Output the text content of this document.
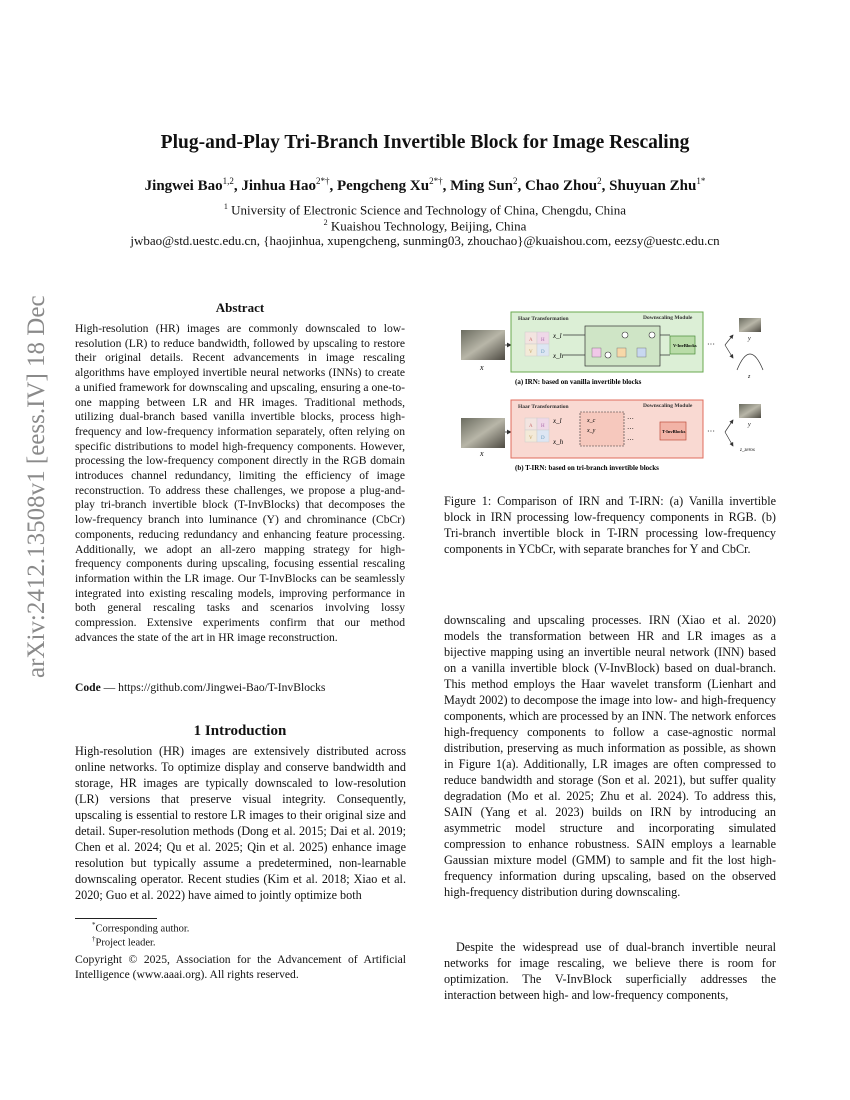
arXiv:2412.13508v1 [eess.IV] 18 Dec 2024
Plug-and-Play Tri-Branch Invertible Block for Image Rescaling
Jingwei Bao$^{1,2}$, Jinhua Hao$^{2*\dagger}$, Pengcheng $Xu^{2*\dagger}$, Ming Sun$^2$, Chao Zhou$^2$, Shuyuan Zhu$^{1*}$
$^1$ University of Electronic Science and Technology of China, Chengdu, China
$^2$ Kuaishou Technology, Beijing, China
jwbao@std.uestc.edu.cn, {haojinhua, xupengcheng, sunming03, zhouchao}@kuaishou.com, eezsy@uestc.edu.cn
Abstract
High-resolution (HR) images are commonly downscaled to low-resolution (LR) to reduce bandwidth, followed by upscaling to restore their original details. Recent advancements in image rescaling algorithms have employed invertible neural networks (INNs) to create a unified framework for downscaling and upscaling, ensuring a one-to-one mapping between LR and HR images. Traditional methods, utilizing dual-branch based vanilla invertible blocks, process high-frequency and low-frequency information separately, often relying on specific distributions to model high-frequency components. However, processing the low-frequency component directly in the RGB domain introduces channel redundancy, limiting the efficiency of image reconstruction. To address these challenges, we propose a plug-and-play tri-branch invertible block (T-InvBlocks) that decomposes the low-frequency branch into luminance (Y) and chrominance (CbCr) components, reducing redundancy and enhancing feature processing. Additionally, we adopt an all-zero mapping strategy for high-frequency components during upscaling, focusing essential rescaling information within the LR image. Our T-InvBlocks can be seamlessly integrated into existing rescaling models, improving performance in both general rescaling tasks and scenarios involving lossy compression. Extensive experiments confirm that our method advances the state of the art in HR image reconstruction.
Code — https://github.com/Jingwei-Bao/T-InvBlocks
1 Introduction
High-resolution (HR) images are extensively distributed across online networks. To optimize display and conserve bandwidth and storage, HR images are typically downscaled to low-resolution (LR) versions that preserve visual integrity. Consequently, upscaling is essential to restore LR images to their original size and detail. Super-resolution methods (Dong et al. 2015; Dai et al. 2019; Chen et al. 2024; Qu et al. 2025; Qin et al. 2025) enhance image resolution but typically assume a predetermined, non-learnable downscaling operator. Recent studies (Kim et al. 2018; Xiao et al. 2020; Guo et al. 2022) have aimed to jointly optimize both
*Corresponding author.
†Project leader.
Copyright © 2025, Association for the Advancement of Artificial Intelligence (www.aaai.org). All rights reserved.
x
Haar Transformation	Downscaling Module
A H
V D
x_l
x_h
V-InvBlocks ···
y
z
(a) IRN: based on vanilla invertible blocks
x
Haar Transformation	Downscaling Module
A H
V D
x_l
x_h
x_c
x_y
···
···
···
T-InvBlocks	···
y
z_zeros
(b) T-IRN: based on tri-branch invertible blocks
Figure 1: Comparison of IRN and T-IRN: (a) Vanilla invertible block in IRN processing low-frequency components in RGB. (b) Tri-branch invertible block in T-IRN processing low-frequency components in YCbCr, with separate branches for Y and CbCr.
downscaling and upscaling processes. IRN (Xiao et al. 2020) models the transformation between HR and LR images as a bijective mapping using an invertible neural network (INN) based on a vanilla invertible block (V-InvBlock) based on dual-branch. This method employs the Haar wavelet transform (Lienhart and Maydt 2002) to decompose the image into low- and high-frequency components, which are processed by an INN. The network enforces high-frequency components to follow a case-agnostic normal distribution, preserving as much information as possible, as shown in Figure 1(a). Additionally, LR images are often compressed to reduce bandwidth and storage (Son et al. 2021), but suffer quality degradation (Mo et al. 2025; Zhu et al. 2024). To address this, SAIN (Yang et al. 2023) builds on IRN by introducing an asymmetric model structure and incorporating simulated compression to enhance robustness. SAIN employs a learnable Gaussian mixture model (GMM) to sample and fit the lost high-frequency information during upscaling, based on the observed high-frequency distribution during downscaling.
Despite the widespread use of dual-branch invertible neural networks for image rescaling, we believe there is room for optimization. The V-InvBlock superficially addresses the interaction between high- and low-frequency components,
